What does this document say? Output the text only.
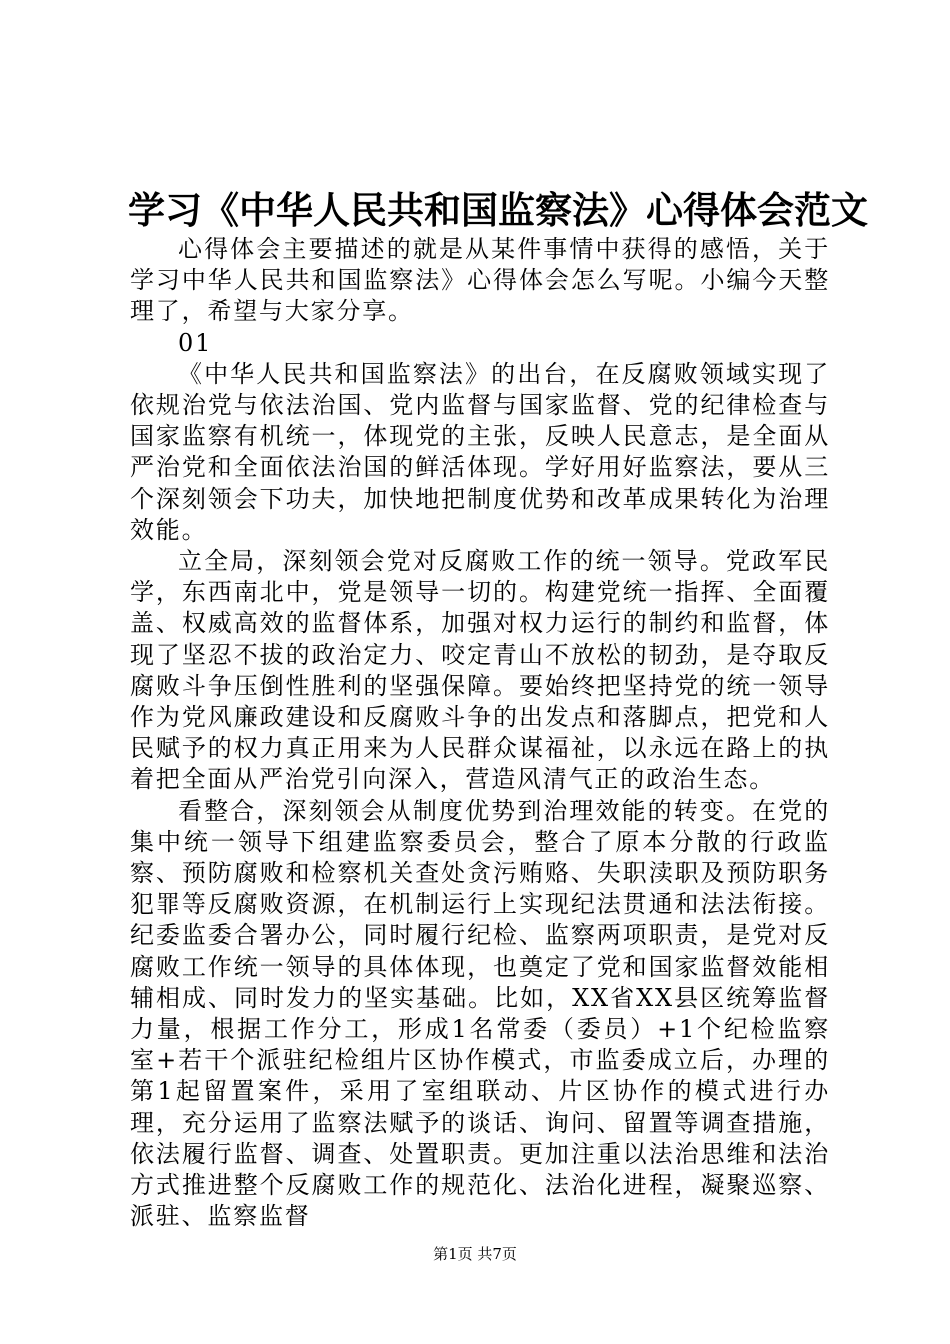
学习《中华人民共和国监察法》心得体会范文

心得体会主要描述的就是从某件事情中获得的感悟，关于学习中华人民共和国监察法》心得体会怎么写呢。小编今天整理了，希望与大家分享。

01

《中华人民共和国监察法》的出台，在反腐败领域实现了依规治党与依法治国、党内监督与国家监督、党的纪律检查与国家监察有机统一，体现党的主张，反映人民意志，是全面从严治党和全面依法治国的鲜活体现。学好用好监察法，要从三个深刻领会下功夫，加快地把制度优势和改革成果转化为治理效能。

立全局，深刻领会党对反腐败工作的统一领导。党政军民学，东西南北中，党是领导一切的。构建党统一指挥、全面覆盖、权威高效的监督体系，加强对权力运行的制约和监督，体现了坚忍不拔的政治定力、咬定青山不放松的韧劲，是夺取反腐败斗争压倒性胜利的坚强保障。要始终把坚持党的统一领导作为党风廉政建设和反腐败斗争的出发点和落脚点，把党和人民赋予的权力真正用来为人民群众谋福祉，以永远在路上的执着把全面从严治党引向深入，营造风清气正的政治生态。

看整合，深刻领会从制度优势到治理效能的转变。在党的集中统一领导下组建监察委员会，整合了原本分散的行政监察、预防腐败和检察机关查处贪污贿赂、失职渎职及预防职务犯罪等反腐败资源，在机制运行上实现纪法贯通和法法衔接。纪委监委合署办公，同时履行纪检、监察两项职责，是党对反腐败工作统一领导的具体体现，也奠定了党和国家监督效能相辅相成、同时发力的坚实基础。比如，XX省XX县区统筹监督力量，根据工作分工，形成1名常委（委员）+1个纪检监察室+若干个派驻纪检组片区协作模式，市监委成立后，办理的第1起留置案件，采用了室组联动、片区协作的模式进行办理，充分运用了监察法赋予的谈话、询问、留置等调查措施，依法履行监督、调查、处置职责。更加注重以法治思维和法治方式推进整个反腐败工作的规范化、法治化进程，凝聚巡察、派驻、监察监督

第1页 共7页
